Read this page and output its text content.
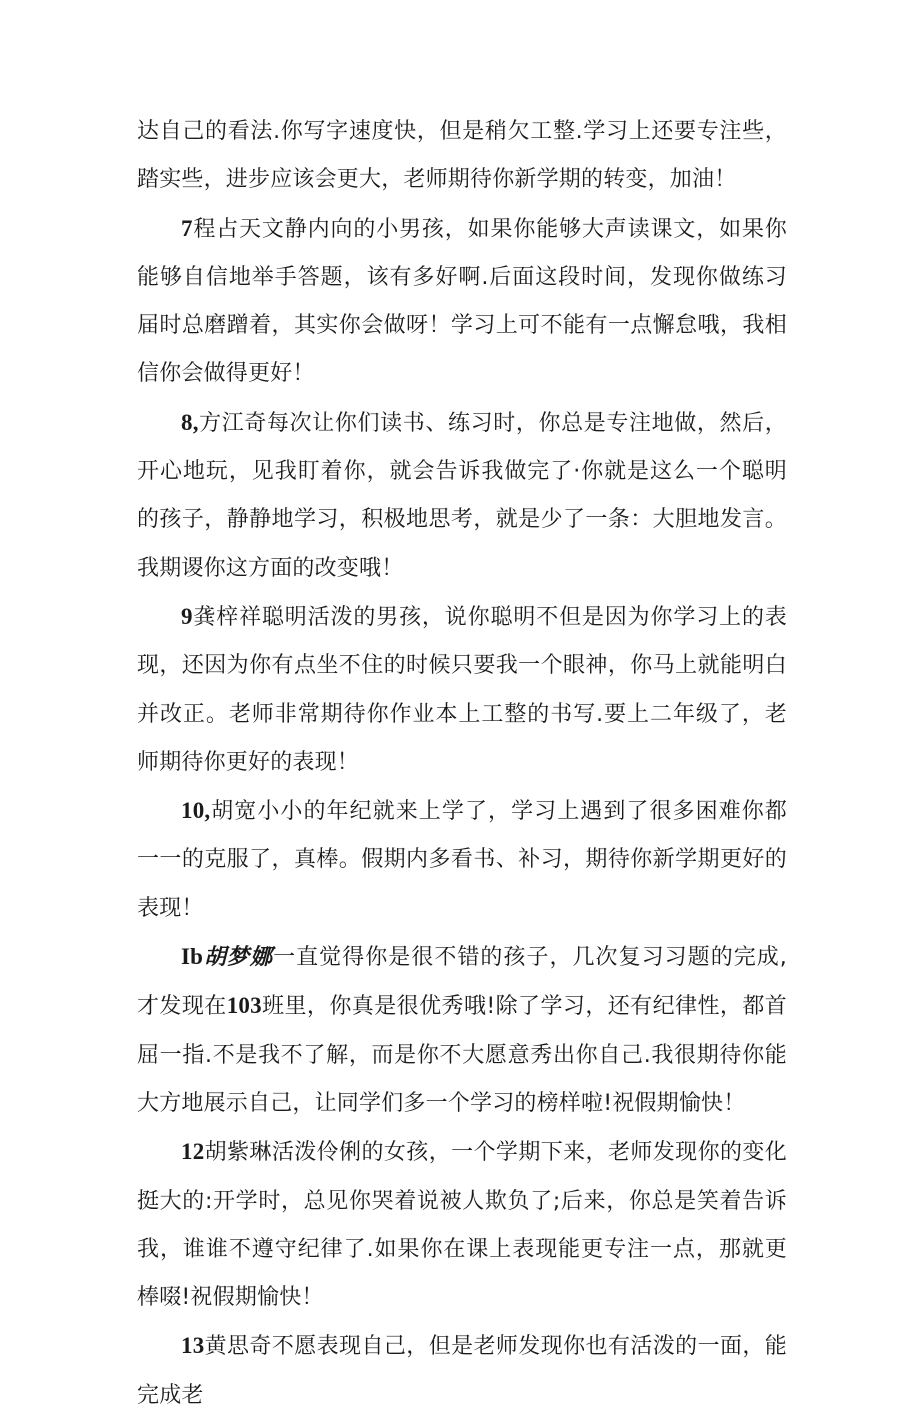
达自己的看法.你写字速度快，但是稍欠工整.学习上还要专注些，踏实些，进步应该会更大，老师期待你新学期的转变，加油！

7程占天文静内向的小男孩，如果你能够大声读课文，如果你能够自信地举手答题，该有多好啊.后面这段时间，发现你做练习届时总磨蹭着，其实你会做呀！学习上可不能有一点懈怠哦，我相信你会做得更好！

8,方江奇每次让你们读书、练习时，你总是专注地做，然后，开心地玩，见我盯着你，就会告诉我做完了·你就是这么一个聪明的孩子，静静地学习，积极地思考，就是少了一条：大胆地发言。我期谡你这方面的改变哦！

9龚梓祥聪明活泼的男孩，说你聪明不但是因为你学习上的表现，还因为你有点坐不住的时候只要我一个眼神，你马上就能明白并改正。老师非常期待你作业本上工整的书写.要上二年级了，老师期待你更好的表现！

10,胡宽小小的年纪就来上学了，学习上遇到了很多困难你都一一的克服了，真棒。假期内多看书、补习，期待你新学期更好的表现！

Ib胡梦娜一直觉得你是很不错的孩子，几次复习习题的完成,才发现在103班里，你真是很优秀哦!除了学习，还有纪律性，都首屈一指.不是我不了解，而是你不大愿意秀出你自己.我很期待你能大方地展示自己，让同学们多一个学习的榜样啦!祝假期愉快！

12胡紫琳活泼伶俐的女孩，一个学期下来，老师发现你的变化挺大的:开学时，总见你哭着说被人欺负了;后来，你总是笑着告诉我，谁谁不遵守纪律了.如果你在课上表现能更专注一点，那就更棒啜!祝假期愉快！

13黄思奇不愿表现自己，但是老师发现你也有活泼的一面，能完成老
